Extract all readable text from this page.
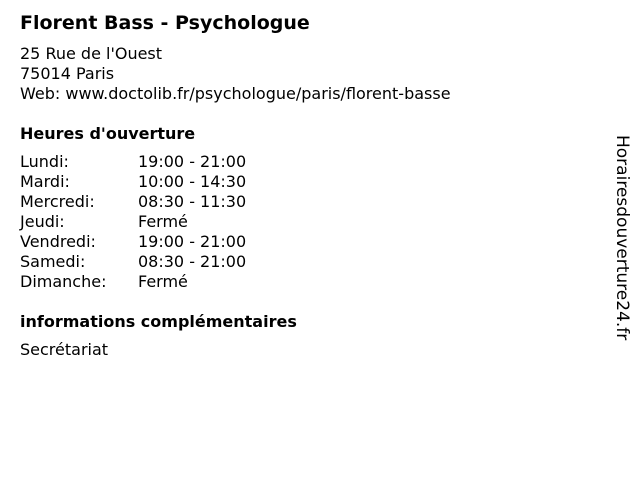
Florent Bass - Psychologue
25 Rue de l'Ouest
75014 Paris
Web: www.doctolib.fr/psychologue/paris/florent-basse
Heures d'ouverture
Lundi:	19:00 - 21:00
Mardi:	10:00 - 14:30
Mercredi:	08:30 - 11:30
Jeudi:	Fermé
Vendredi:	19:00 - 21:00
Samedi:	08:30 - 21:00
Dimanche:	Fermé
informations complémentaires
Secrétariat
Horairesdouverture24.fr
